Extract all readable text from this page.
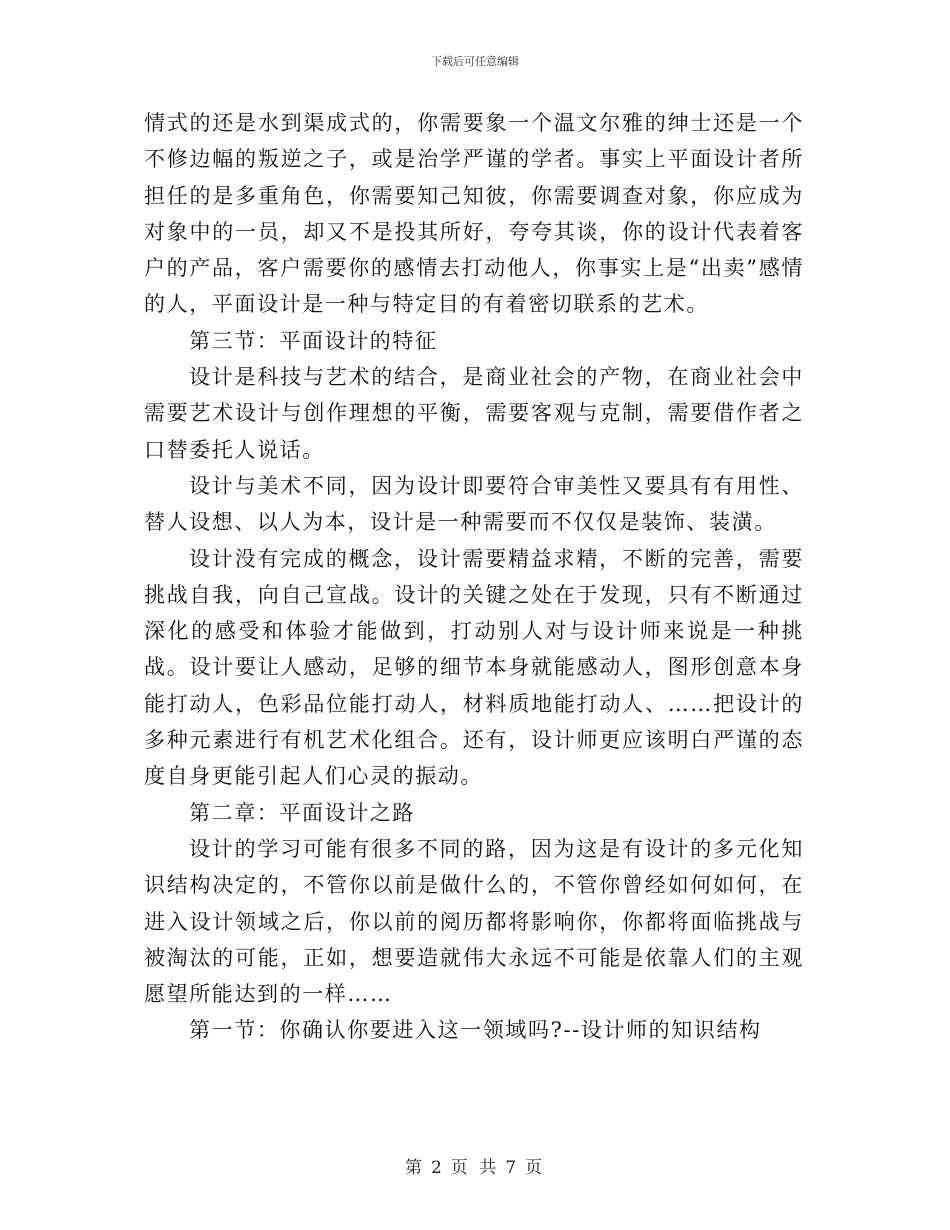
下载后可任意编辑

情式的还是水到渠成式的，你需要象一个温文尔雅的绅士还是一个不修边幅的叛逆之子，或是治学严谨的学者。事实上平面设计者所担任的是多重角色，你需要知己知彼，你需要调查对象，你应成为对象中的一员，却又不是投其所好，夸夸其谈，你的设计代表着客户的产品，客户需要你的感情去打动他人，你事实上是“出卖”感情的人，平面设计是一种与特定目的有着密切联系的艺术。

第三节：平面设计的特征

设计是科技与艺术的结合，是商业社会的产物，在商业社会中需要艺术设计与创作理想的平衡，需要客观与克制，需要借作者之口替委托人说话。

设计与美术不同，因为设计即要符合审美性又要具有有用性、替人设想、以人为本，设计是一种需要而不仅仅是装饰、装潢。

设计没有完成的概念，设计需要精益求精，不断的完善，需要挑战自我，向自己宣战。设计的关键之处在于发现，只有不断通过深化的感受和体验才能做到，打动别人对与设计师来说是一种挑战。设计要让人感动，足够的细节本身就能感动人，图形创意本身能打动人，色彩品位能打动人，材料质地能打动人、……把设计的多种元素进行有机艺术化组合。还有，设计师更应该明白严谨的态度自身更能引起人们心灵的振动。

第二章：平面设计之路

设计的学习可能有很多不同的路，因为这是有设计的多元化知识结构决定的，不管你以前是做什么的，不管你曾经如何如何，在进入设计领域之后，你以前的阅历都将影响你，你都将面临挑战与被淘汰的可能，正如，想要造就伟大永远不可能是依靠人们的主观愿望所能达到的一样……

第一节：你确认你要进入这一领域吗?--设计师的知识结构

第 2 页 共 7 页
